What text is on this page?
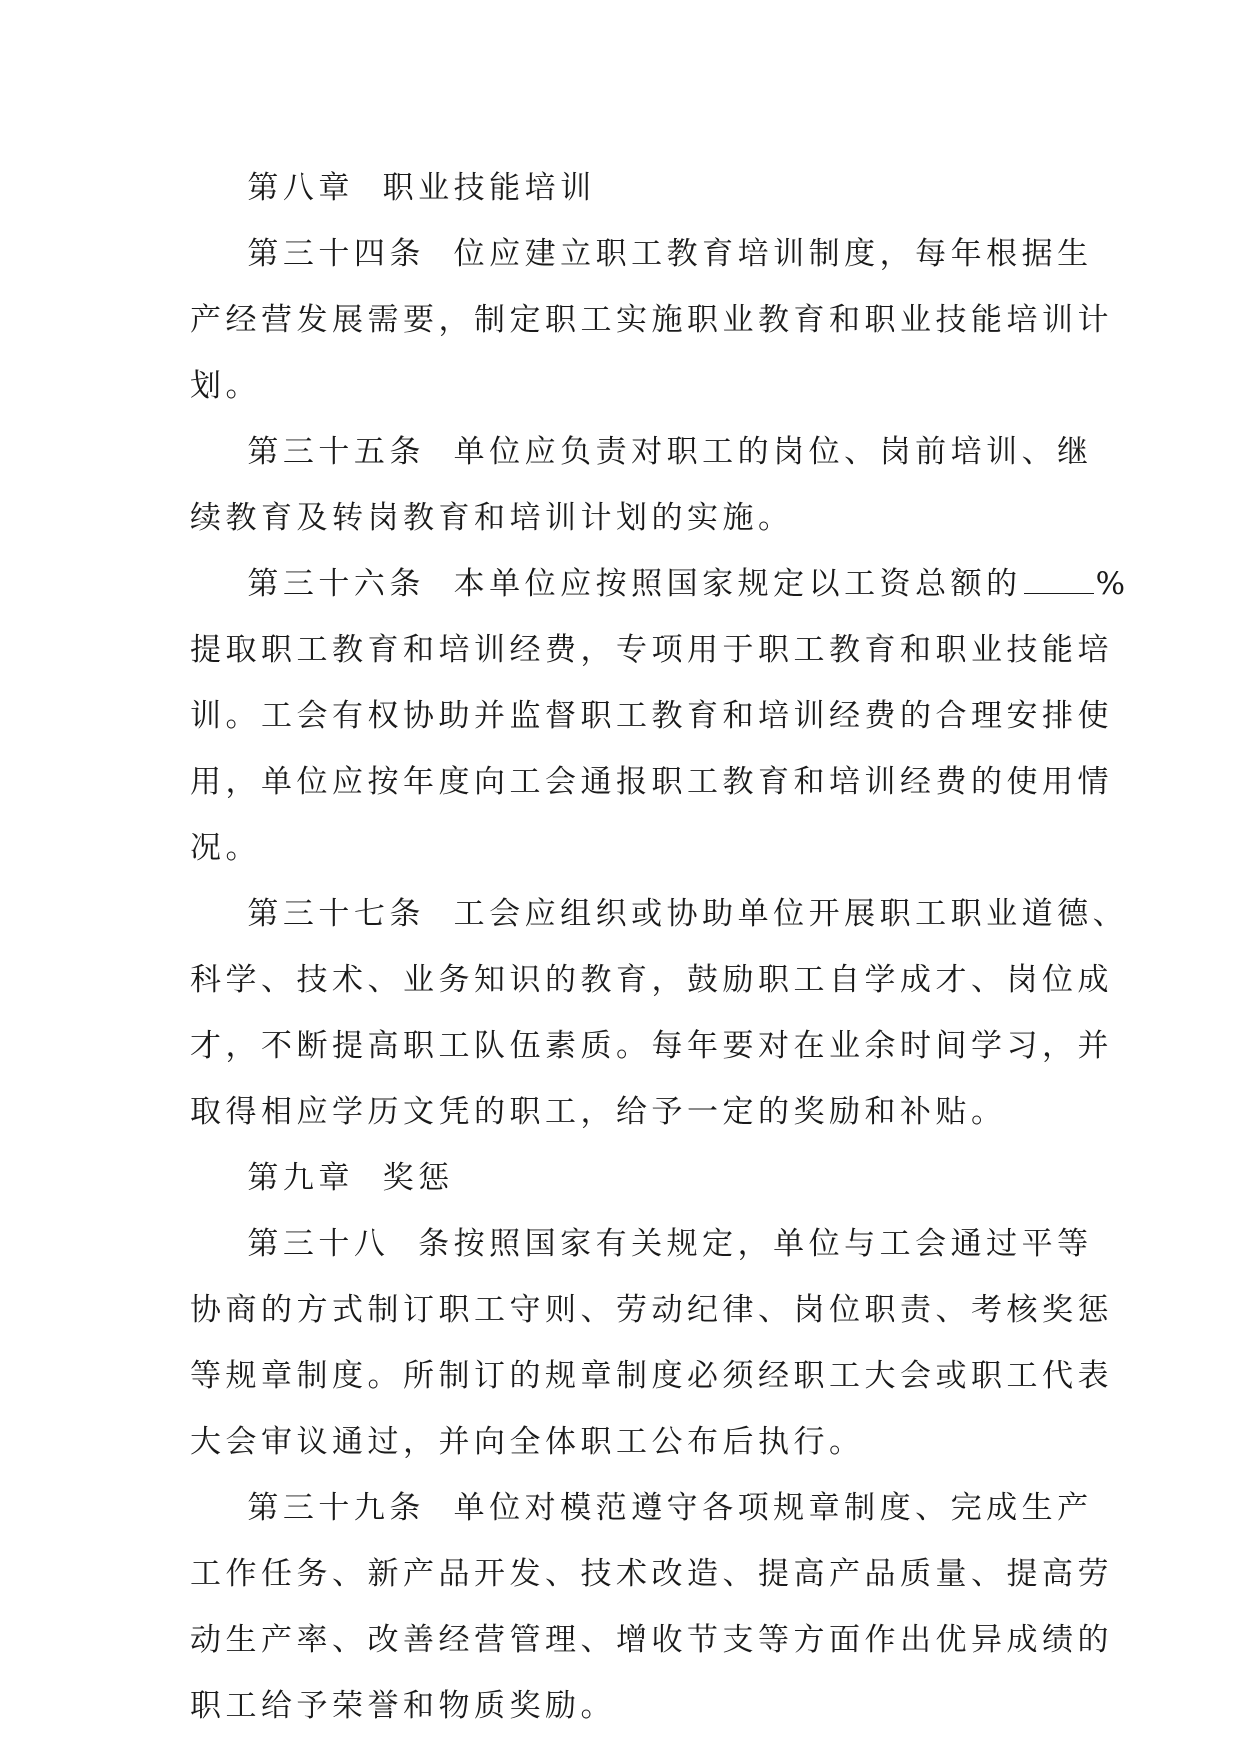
第八章  职业技能培训
第三十四条  位应建立职工教育培训制度，每年根据生
产经营发展需要，制定职工实施职业教育和职业技能培训计
划。
第三十五条  单位应负责对职工的岗位、岗前培训、继
续教育及转岗教育和培训计划的实施。
第三十六条  本单位应按照国家规定以工资总额的 %
提取职工教育和培训经费，专项用于职工教育和职业技能培
训。工会有权协助并监督职工教育和培训经费的合理安排使
用，单位应按年度向工会通报职工教育和培训经费的使用情
况。
第三十七条  工会应组织或协助单位开展职工职业道德、
科学、技术、业务知识的教育，鼓励职工自学成才、岗位成
才，不断提高职工队伍素质。每年要对在业余时间学习，并
取得相应学历文凭的职工，给予一定的奖励和补贴。
第九章  奖惩
第三十八  条按照国家有关规定，单位与工会通过平等
协商的方式制订职工守则、劳动纪律、岗位职责、考核奖惩
等规章制度。所制订的规章制度必须经职工大会或职工代表
大会审议通过，并向全体职工公布后执行。
第三十九条  单位对模范遵守各项规章制度、完成生产
工作任务、新产品开发、技术改造、提高产品质量、提高劳
动生产率、改善经营管理、增收节支等方面作出优异成绩的
职工给予荣誉和物质奖励。
